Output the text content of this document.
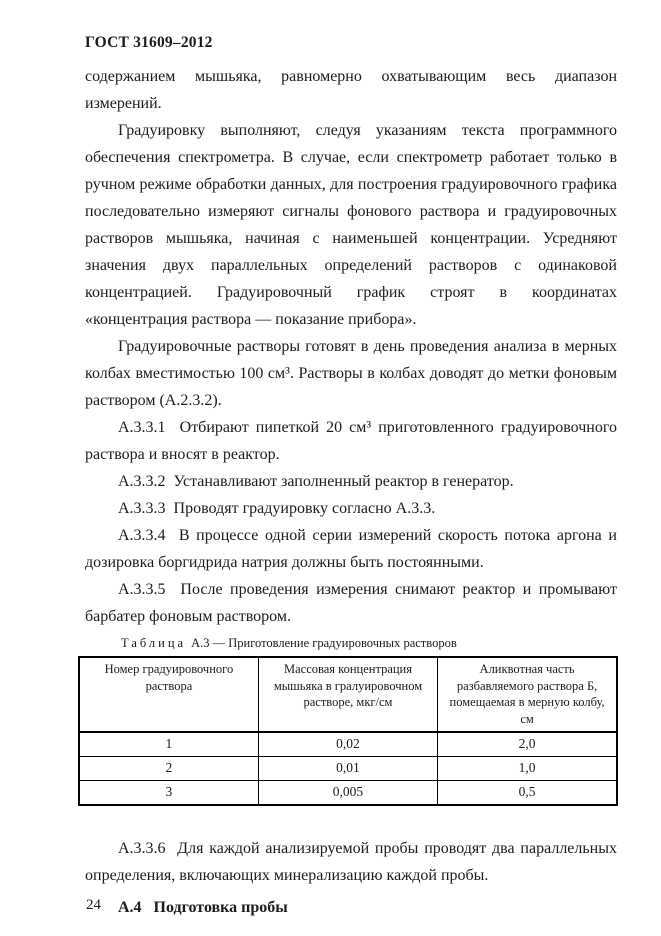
ГОСТ 31609–2012

содержанием мышьяка, равномерно охватывающим весь диапазон измерений.

Градуировку выполняют, следуя указаниям текста программного обеспечения спектрометра. В случае, если спектрометр работает только в ручном режиме обработки данных, для построения градуировочного графика последовательно измеряют сигналы фонового раствора и градуировочных растворов мышьяка, начиная с наименьшей концентрации. Усредняют значения двух параллельных определений растворов с одинаковой концентрацией. Градуировочный график строят в координатах «концентрация раствора — показание прибора».

Градуировочные растворы готовят в день проведения анализа в мерных колбах вместимостью 100 см³. Растворы в колбах доводят до метки фоновым раствором (А.2.3.2).

А.3.3.1  Отбирают пипеткой 20 см³ приготовленного градуировочного раствора и вносят в реактор.

А.3.3.2  Устанавливают заполненный реактор в генератор.

А.3.3.3  Проводят градуировку согласно А.3.3.

А.3.3.4  В процессе одной серии измерений скорость потока аргона и дозировка боргидрида натрия должны быть постоянными.

А.3.3.5  После проведения измерения снимают реактор и промывают барбатер фоновым раствором.

Таблица А.3 — Приготовление градуировочных растворов
Номер градуировочного раствора	Массовая концентрация мышьяка в гралуировочном растворе, мкг/см	Аликвотная часть разбавляемого раствора Б, помещаемая в мерную колбу, см
1	0,02	2,0
2	0,01	1,0
3	0,005	0,5

А.3.3.6  Для каждой анализируемой пробы проводят два параллельных определения, включающих минерализацию каждой пробы.

А.4   Подготовка пробы

24
